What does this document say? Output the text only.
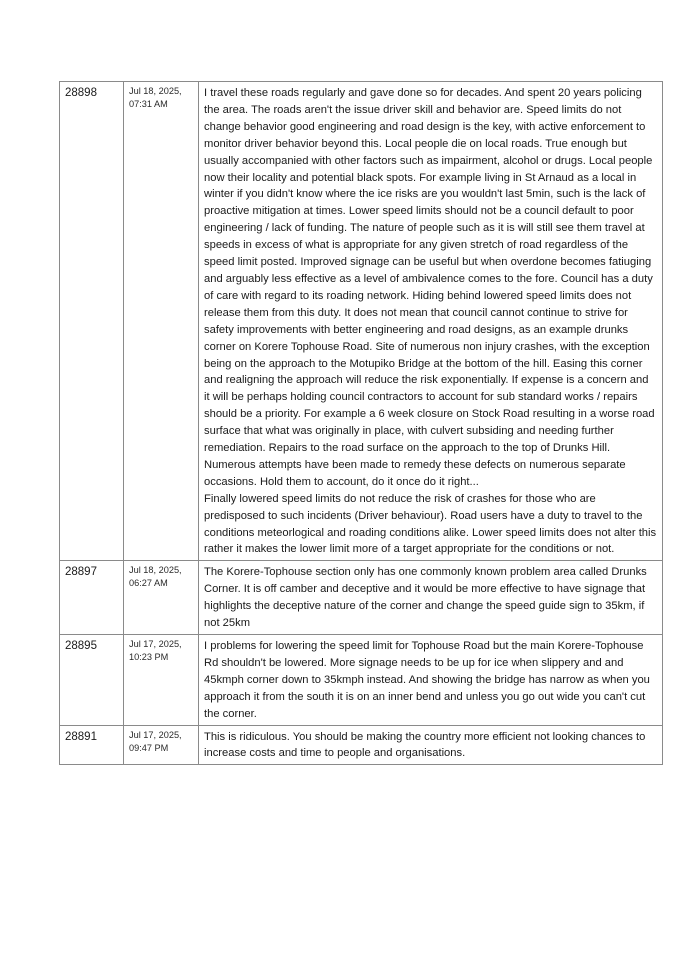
28898	Jul 18, 2025,
07:31 AM	I travel these roads regularly and gave done so for decades. And spent 20 years policing the area. The roads aren't the issue driver skill and behavior are. Speed limits do not change behavior good engineering and road design is the key, with active enforcement to monitor driver behavior beyond this. Local people die on local roads. True enough but usually accompanied with other factors such as impairment, alcohol or drugs. Local people now their locality and potential black spots. For example living in St Arnaud as a local in winter if you didn't know where the ice risks are you wouldn't last 5min, such is the lack of proactive mitigation at times. Lower speed limits should not be a council default to poor engineering / lack of funding. The nature of people such as it is will still see them travel at speeds in excess of what is appropriate for any given stretch of road regardless of the speed limit posted. Improved signage can be useful but when overdone becomes fatiuging and arguably less effective as a level of ambivalence comes to the fore. Council has a duty of care with regard to its roading network. Hiding behind lowered speed limits does not release them from this duty. It does not mean that council cannot continue to strive for safety improvements with better engineering and road designs, as an example drunks corner on Korere Tophouse Road. Site of numerous non injury crashes, with the exception being on the approach to the Motupiko Bridge at the bottom of the hill. Easing this corner and realigning the approach will reduce the risk exponentially. If expense is a concern and it will be perhaps holding council contractors to account for sub standard works / repairs should be a priority. For example a 6 week closure on Stock Road resulting in a worse road surface that what was originally in place, with culvert subsiding and needing further remediation. Repairs to the road surface on the approach to the top of Drunks Hill. Numerous attempts have been made to remedy these defects on numerous separate occasions. Hold them to account, do it once do it right...
Finally lowered speed limits do not reduce the risk of crashes for those who are predisposed to such incidents (Driver behaviour). Road users have a duty to travel to the conditions meteorlogical and roading conditions alike. Lower speed limits does not alter this rather it makes the lower limit more of a target appropriate for the conditions or not.

28897	Jul 18, 2025,
06:27 AM	The Korere-Tophouse section only has one commonly known problem area called Drunks Corner. It is off camber and deceptive and it would be more effective to have signage that highlights the deceptive nature of the corner and change the speed guide sign to 35km, if not 25km

28895	Jul 17, 2025,
10:23 PM	I problems for lowering the speed limit for Tophouse Road but the main Korere-Tophouse Rd shouldn't be lowered. More signage needs to be up for ice when slippery and and 45kmph corner down to 35kmph instead. And showing the bridge has narrow as when you approach it from the south it is on an inner bend and unless you go out wide you can't cut the corner.

28891	Jul 17, 2025,
09:47 PM	This is ridiculous. You should be making the country more efficient not looking chances to increase costs and time to people and organisations.
